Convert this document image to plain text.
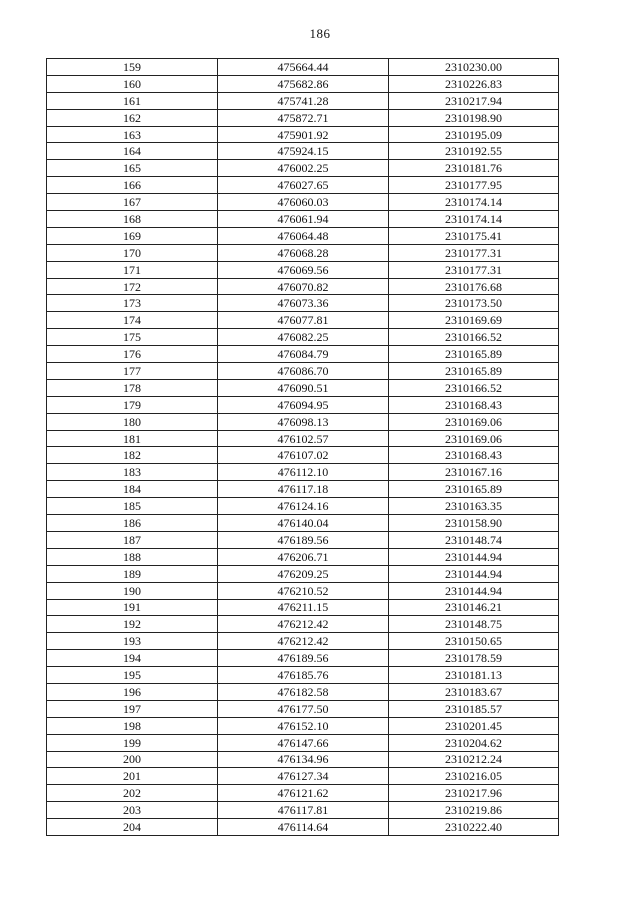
186
159	475664.44	2310230.00
160	475682.86	2310226.83
161	475741.28	2310217.94
162	475872.71	2310198.90
163	475901.92	2310195.09
164	475924.15	2310192.55
165	476002.25	2310181.76
166	476027.65	2310177.95
167	476060.03	2310174.14
168	476061.94	2310174.14
169	476064.48	2310175.41
170	476068.28	2310177.31
171	476069.56	2310177.31
172	476070.82	2310176.68
173	476073.36	2310173.50
174	476077.81	2310169.69
175	476082.25	2310166.52
176	476084.79	2310165.89
177	476086.70	2310165.89
178	476090.51	2310166.52
179	476094.95	2310168.43
180	476098.13	2310169.06
181	476102.57	2310169.06
182	476107.02	2310168.43
183	476112.10	2310167.16
184	476117.18	2310165.89
185	476124.16	2310163.35
186	476140.04	2310158.90
187	476189.56	2310148.74
188	476206.71	2310144.94
189	476209.25	2310144.94
190	476210.52	2310144.94
191	476211.15	2310146.21
192	476212.42	2310148.75
193	476212.42	2310150.65
194	476189.56	2310178.59
195	476185.76	2310181.13
196	476182.58	2310183.67
197	476177.50	2310185.57
198	476152.10	2310201.45
199	476147.66	2310204.62
200	476134.96	2310212.24
201	476127.34	2310216.05
202	476121.62	2310217.96
203	476117.81	2310219.86
204	476114.64	2310222.40
